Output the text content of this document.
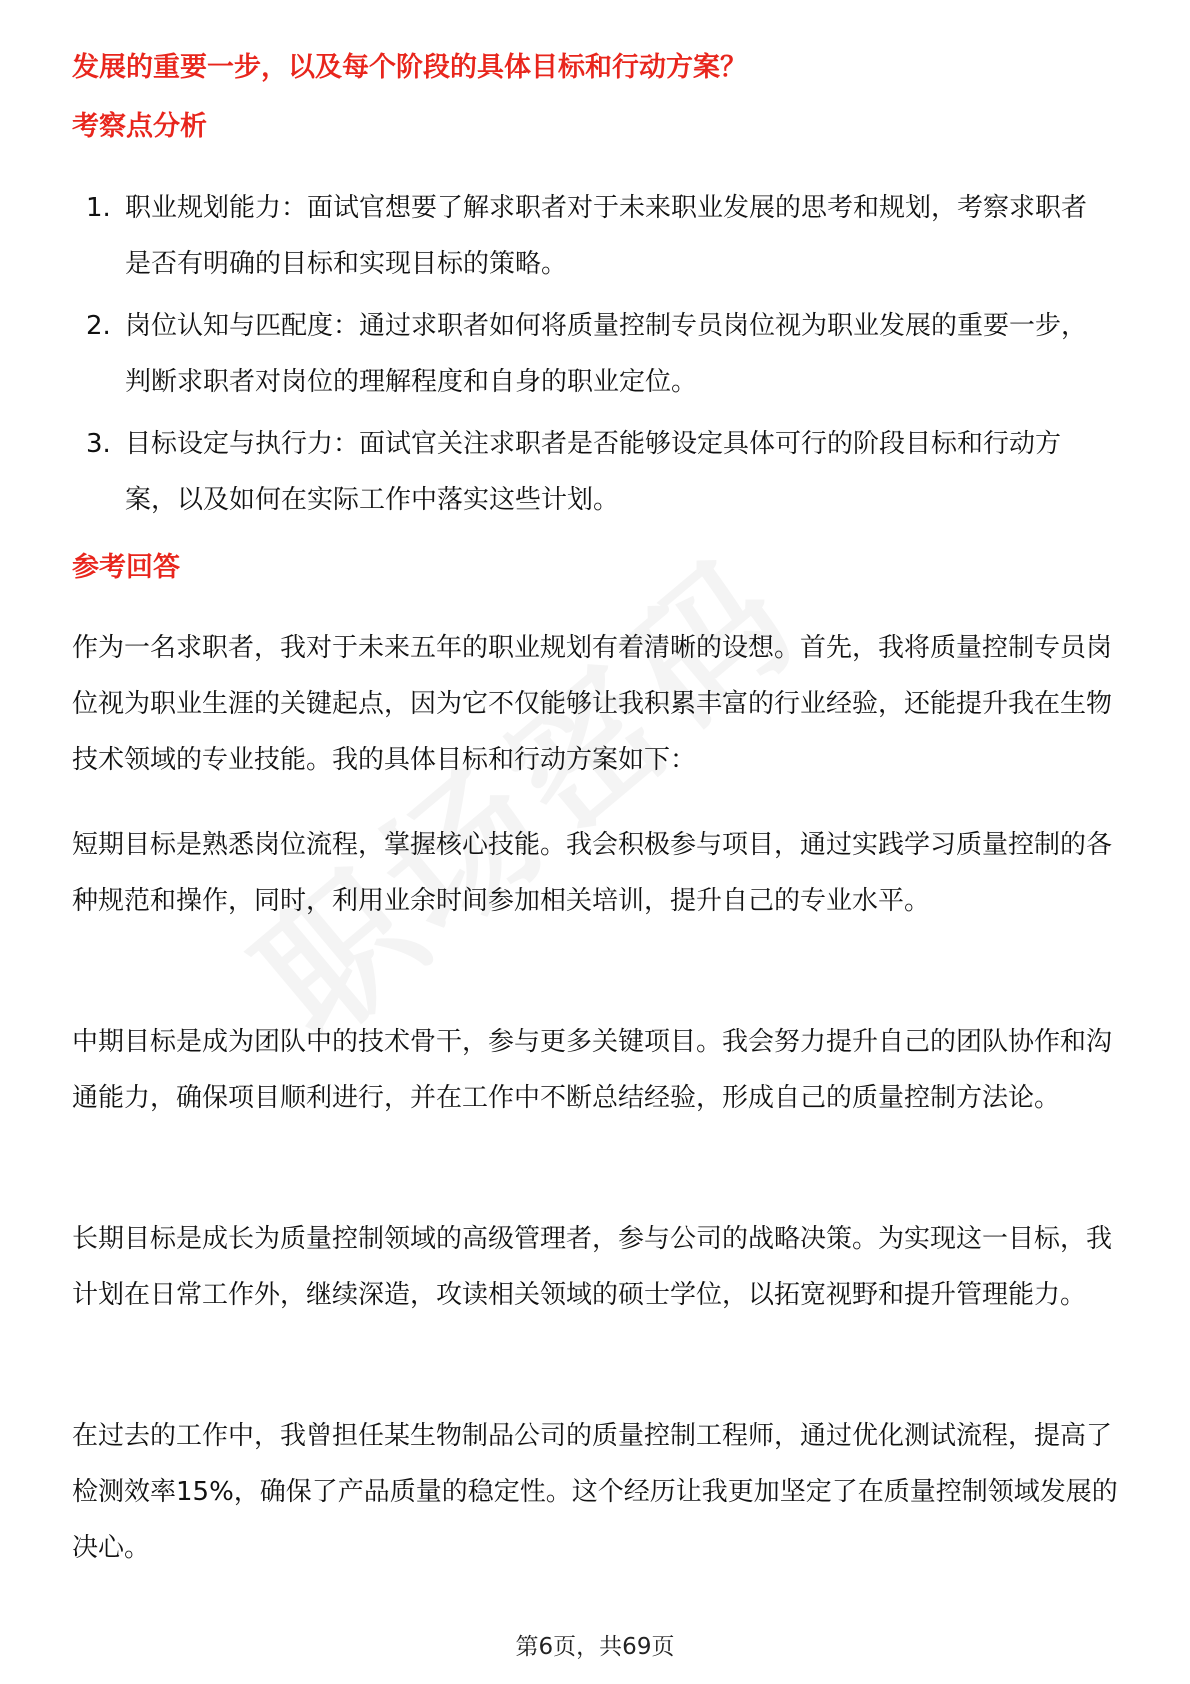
发展的重要一步，以及每个阶段的具体目标和行动方案？
考察点分析
1. 职业规划能力：面试官想要了解求职者对于未来职业发展的思考和规划，考察求职者是否有明确的目标和实现目标的策略。
2. 岗位认知与匹配度：通过求职者如何将质量控制专员岗位视为职业发展的重要一步，判断求职者对岗位的理解程度和自身的职业定位。
3. 目标设定与执行力：面试官关注求职者是否能够设定具体可行的阶段目标和行动方案，以及如何在实际工作中落实这些计划。
参考回答

作为一名求职者，我对于未来五年的职业规划有着清晰的设想。首先，我将质量控制专员岗位视为职业生涯的关键起点，因为它不仅能够让我积累丰富的行业经验，还能提升我在生物技术领域的专业技能。我的具体目标和行动方案如下：

短期目标是熟悉岗位流程，掌握核心技能。我会积极参与项目，通过实践学习质量控制的各种规范和操作，同时，利用业余时间参加相关培训，提升自己的专业水平。

中期目标是成为团队中的技术骨干，参与更多关键项目。我会努力提升自己的团队协作和沟通能力，确保项目顺利进行，并在工作中不断总结经验，形成自己的质量控制方法论。

长期目标是成长为质量控制领域的高级管理者，参与公司的战略决策。为实现这一目标，我计划在日常工作外，继续深造，攻读相关领域的硕士学位，以拓宽视野和提升管理能力。

在过去的工作中，我曾担任某生物制品公司的质量控制工程师，通过优化测试流程，提高了检测效率15%，确保了产品质量的稳定性。这个经历让我更加坚定了在质量控制领域发展的决心。

第6页，共69页
